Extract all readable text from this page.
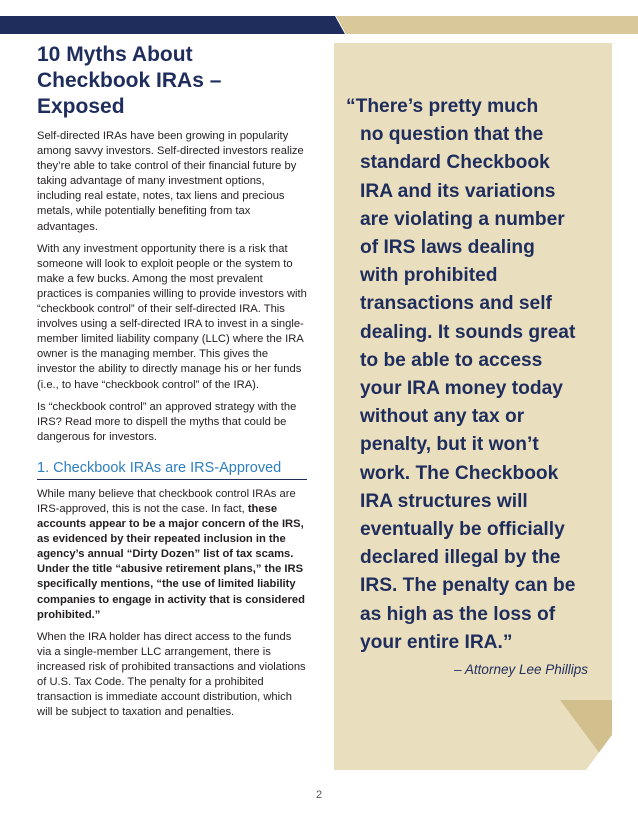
10 Myths About
Checkbook IRAs –
Exposed

Self-directed IRAs have been growing in popularity among savvy investors. Self-directed investors realize they’re able to take control of their financial future by taking advantage of many investment options, including real estate, notes, tax liens and precious metals, while potentially benefiting from tax advantages.

With any investment opportunity there is a risk that someone will look to exploit people or the system to make a few bucks. Among the most prevalent practices is companies willing to provide investors with “checkbook control” of their self-directed IRA. This involves using a self-directed IRA to invest in a single-member limited liability company (LLC) where the IRA owner is the managing member. This gives the investor the ability to directly manage his or her funds (i.e., to have “checkbook control” of the IRA).

Is “checkbook control” an approved strategy with the IRS? Read more to dispell the myths that could be dangerous for investors.

1. Checkbook IRAs are IRS-Approved

While many believe that checkbook control IRAs are IRS-approved, this is not the case. In fact, these accounts appear to be a major concern of the IRS, as evidenced by their repeated inclusion in the agency’s annual “Dirty Dozen” list of tax scams. Under the title “abusive retirement plans,” the IRS specifically mentions, “the use of limited liability companies to engage in activity that is considered prohibited.”

When the IRA holder has direct access to the funds via a single-member LLC arrangement, there is increased risk of prohibited transactions and violations of U.S. Tax Code. The penalty for a prohibited transaction is immediate account distribution, which will be subject to taxation and penalties.

“There’s pretty much
no question that the
standard Checkbook
IRA and its variations
are violating a number
of IRS laws dealing
with prohibited
transactions and self
dealing. It sounds great
to be able to access
your IRA money today
without any tax or
penalty, but it won’t
work. The Checkbook
IRA structures will
eventually be officially
declared illegal by the
IRS. The penalty can be
as high as the loss of
your entire IRA.”
– Attorney Lee Phillips
2
